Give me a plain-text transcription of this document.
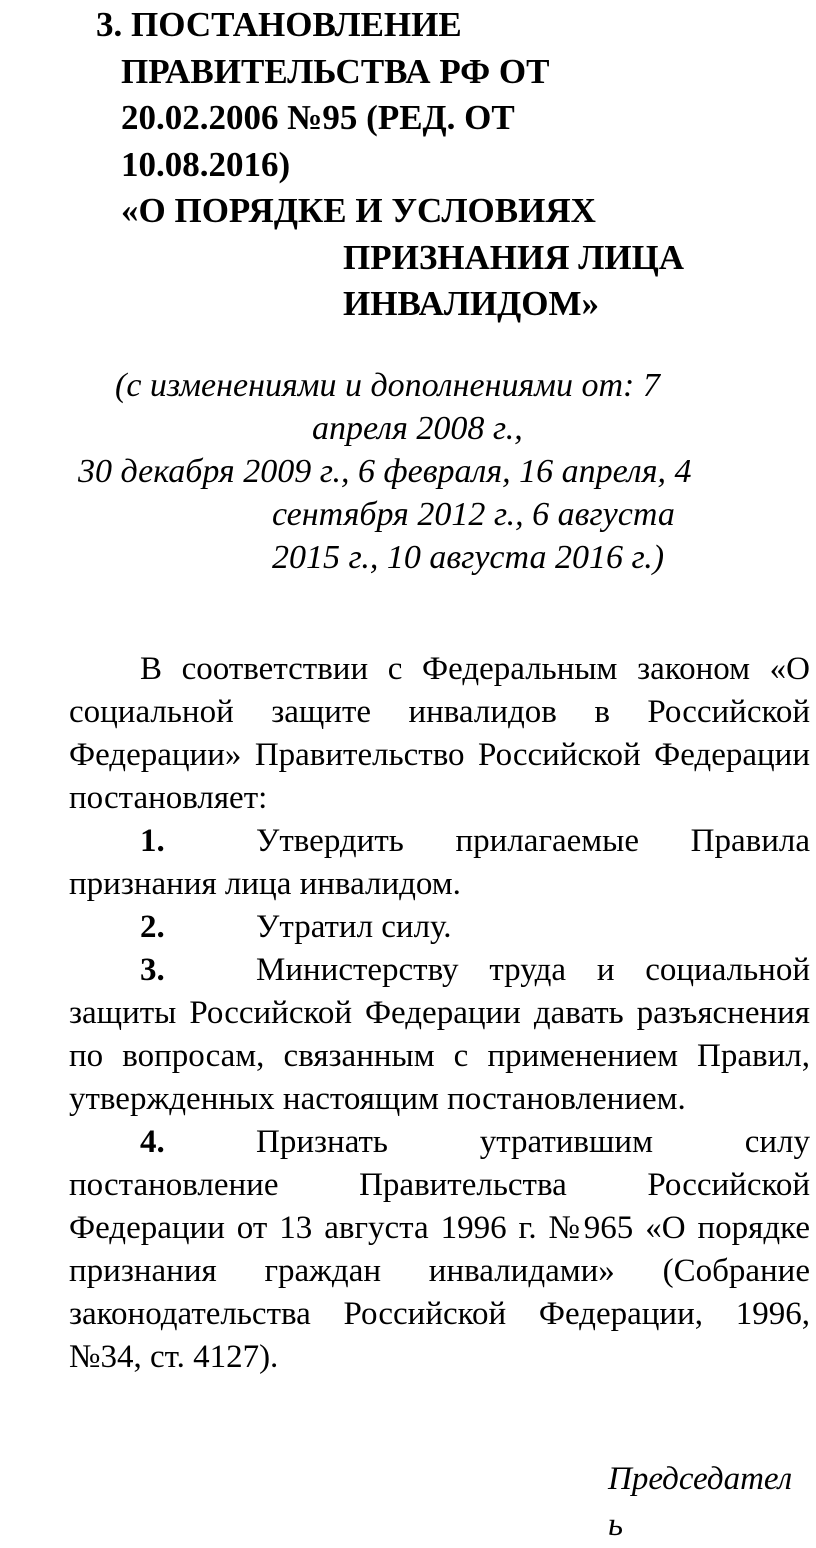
3. ПОСТАНОВЛЕНИЕ
ПРАВИТЕЛЬСТВА РФ ОТ
20.02.2006 №95 (РЕД. ОТ
10.08.2016)
«О ПОРЯДКЕ И УСЛОВИЯХ
ПРИЗНАНИЯ ЛИЦА
ИНВАЛИДОМ»
(с изменениями и дополнениями от: 7
апреля 2008 г.,
30 декабря 2009 г., 6 февраля, 16 апреля, 4
сентября 2012 г., 6 августа
2015 г., 10 августа 2016 г.)

В соответствии с Федеральным законом «О социальной защите инвалидов в Российской Федерации» Правительство Российской Федерации постановляет:

1.	Утвердить прилагаемые Правила признания лица инвалидом.

2.	Утратил силу.

3.	Министерству труда и социальной защиты Российской Федерации давать разъяснения по вопросам, связанным с применением Правил, утвержденных настоящим постановлением.

4.	Признать утратившим силу постановление Правительства Российской Федерации от 13 августа 1996 г. №965 «О порядке признания граждан инвалидами» (Собрание законодательства Российской Федерации, 1996, №34, ст. 4127).

Председател
ь
